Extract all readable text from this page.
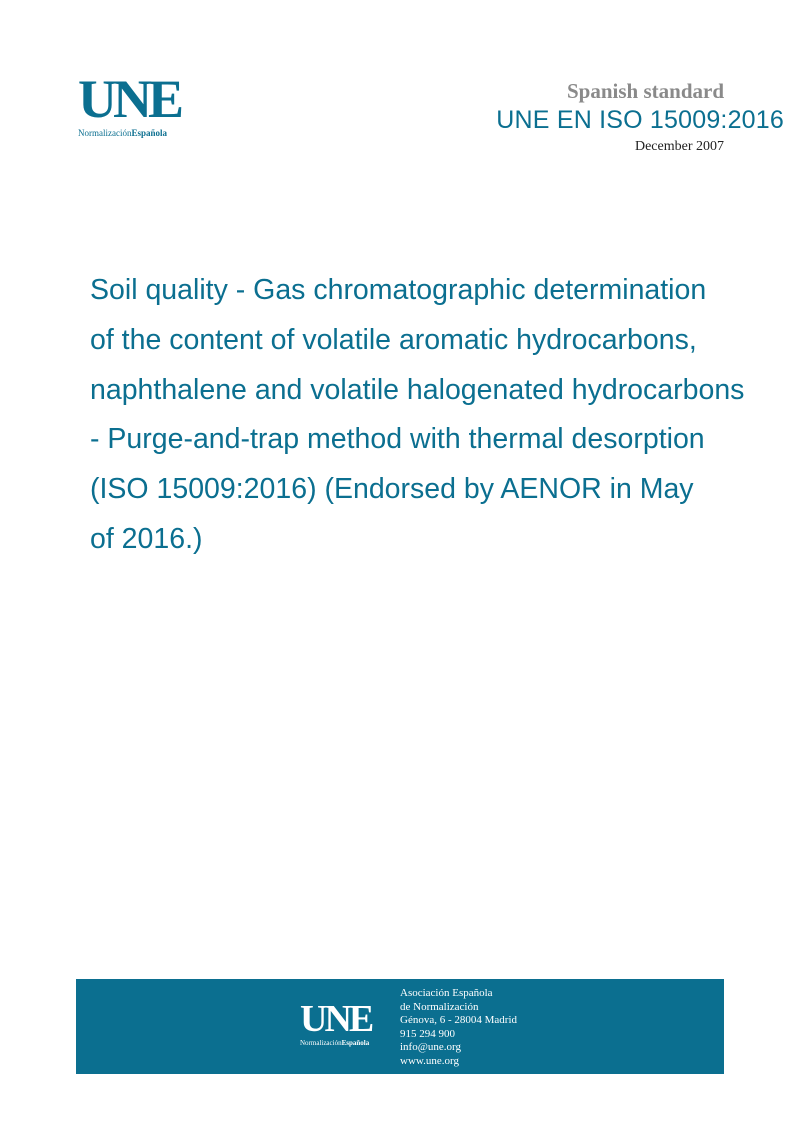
UNE
NormalizaciónEspañola
Spanish standard
UNE EN ISO 15009:2016
December 2007
Soil quality - Gas chromatographic determination
of the content of volatile aromatic hydrocarbons,
naphthalene and volatile halogenated hydrocarbons
- Purge-and-trap method with thermal desorption
(ISO 15009:2016) (Endorsed by AENOR in May
of 2016.)
UNE
NormalizaciónEspañola
Asociación Española
de Normalización
Génova, 6 - 28004 Madrid
915 294 900
info@une.org
www.une.org
